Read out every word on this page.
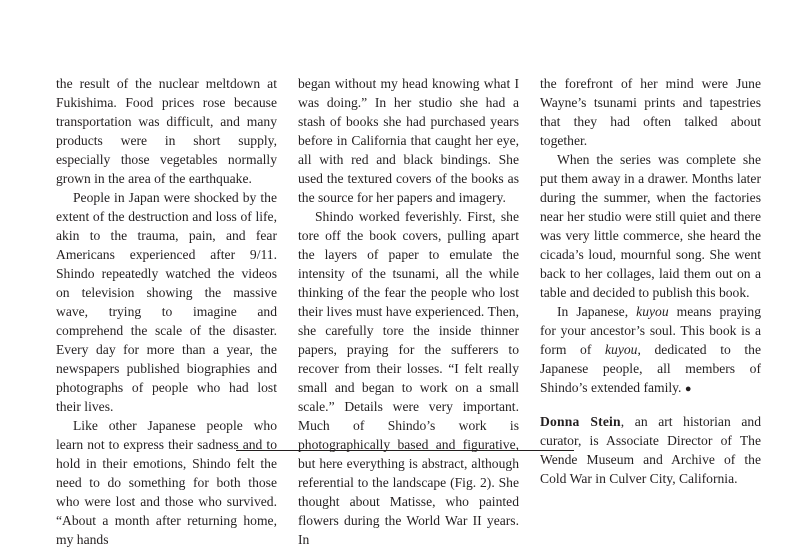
the result of the nuclear meltdown at Fukishima. Food prices rose because transportation was difficult, and many products were in short supply, especially those vegetables normally grown in the area of the earthquake.

People in Japan were shocked by the extent of the destruction and loss of life, akin to the trauma, pain, and fear Americans experienced after 9/11. Shindo repeatedly watched the videos on television showing the massive wave, trying to imagine and comprehend the scale of the disaster. Every day for more than a year, the newspapers published biographies and photographs of people who had lost their lives.

Like other Japanese people who learn not to express their sadness and to hold in their emotions, Shindo felt the need to do something for both those who were lost and those who survived. “About a month after returning home, my hands

began without my head knowing what I was doing.” In her studio she had a stash of books she had purchased years before in California that caught her eye, all with red and black bindings. She used the textured covers of the books as the source for her papers and imagery.

Shindo worked feverishly. First, she tore off the book covers, pulling apart the layers of paper to emulate the intensity of the tsunami, all the while thinking of the fear the people who lost their lives must have experienced. Then, she carefully tore the inside thinner papers, praying for the sufferers to recover from their losses. “I felt really small and began to work on a small scale.” Details were very important. Much of Shindo’s work is photographically based and figurative, but here everything is abstract, although referential to the landscape (Fig. 2). She thought about Matisse, who painted flowers during the World War II years. In

the forefront of her mind were June Wayne’s tsunami prints and tapestries that they had often talked about together.

When the series was complete she put them away in a drawer. Months later during the summer, when the factories near her studio were still quiet and there was very little commerce, she heard the cicada’s loud, mournful song. She went back to her collages, laid them out on a table and decided to publish this book.

In Japanese, kuyou means praying for your ancestor’s soul. This book is a form of kuyou, dedicated to the Japanese people, all members of Shindo’s extended family. ●

Donna Stein, an art historian and curator, is Associate Director of The Wende Museum and Archive of the Cold War in Culver City, California.
